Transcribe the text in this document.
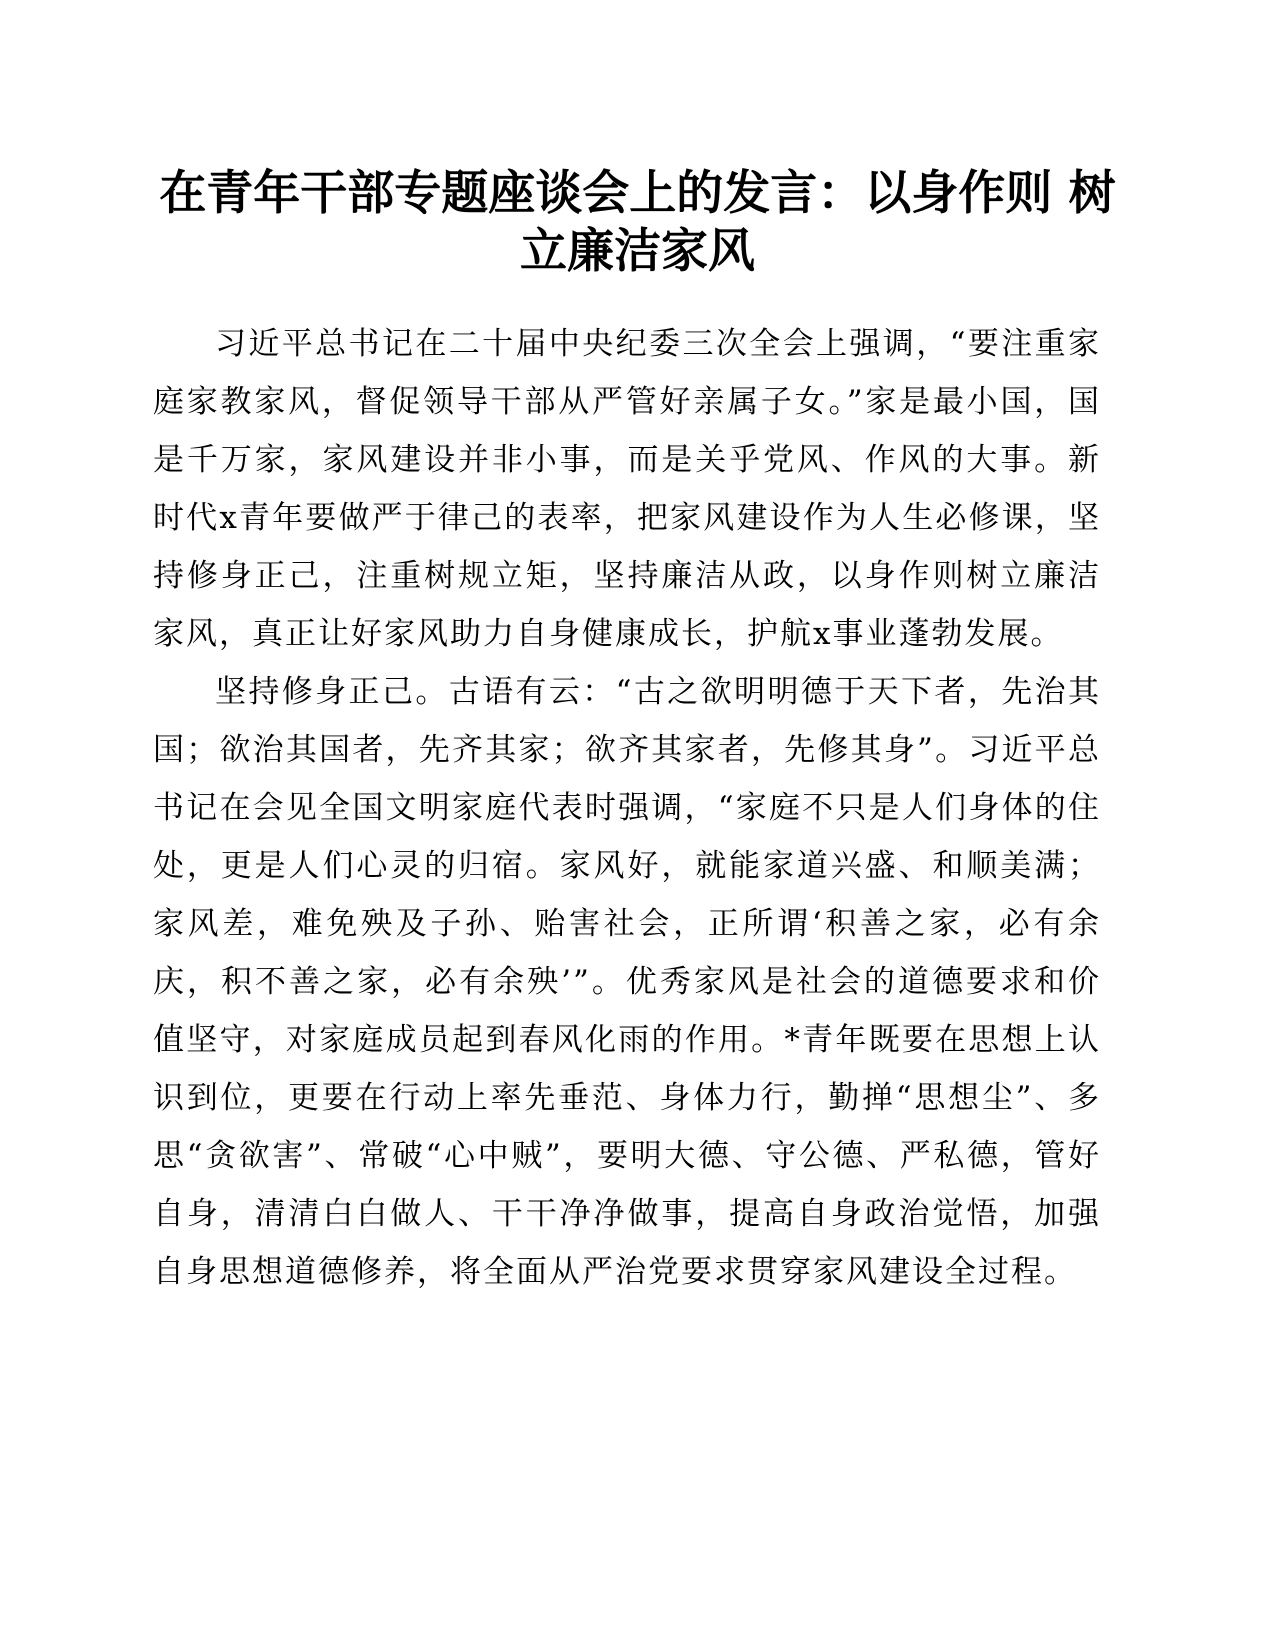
在青年干部专题座谈会上的发言：以身作则 树立廉洁家风

习近平总书记在二十届中央纪委三次全会上强调，“要注重家庭家教家风，督促领导干部从严管好亲属子女。”家是最小国，国是千万家，家风建设并非小事，而是关乎党风、作风的大事。新时代x青年要做严于律己的表率，把家风建设作为人生必修课，坚持修身正己，注重树规立矩，坚持廉洁从政，以身作则树立廉洁家风，真正让好家风助力自身健康成长，护航x事业蓬勃发展。

坚持修身正己。古语有云：“古之欲明明德于天下者，先治其国；欲治其国者，先齐其家；欲齐其家者，先修其身”。习近平总书记在会见全国文明家庭代表时强调，“家庭不只是人们身体的住处，更是人们心灵的归宿。家风好，就能家道兴盛、和顺美满；家风差，难免殃及子孙、贻害社会，正所谓‘积善之家，必有余庆，积不善之家，必有余殃’”。优秀家风是社会的道德要求和价值坚守，对家庭成员起到春风化雨的作用。*青年既要在思想上认识到位，更要在行动上率先垂范、身体力行，勤掸“思想尘”、多思“贪欲害”、常破“心中贼”，要明大德、守公德、严私德，管好自身，清清白白做人、干干净净做事，提高自身政治觉悟，加强自身思想道德修养，将全面从严治党要求贯穿家风建设全过程。
